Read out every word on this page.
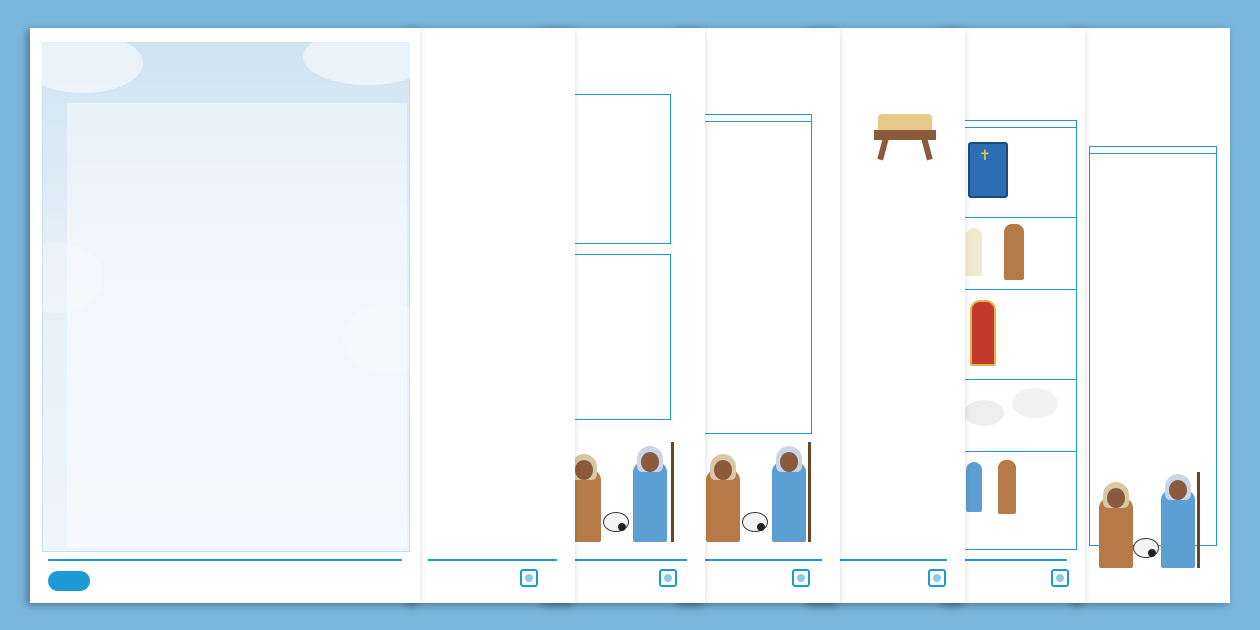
✝
